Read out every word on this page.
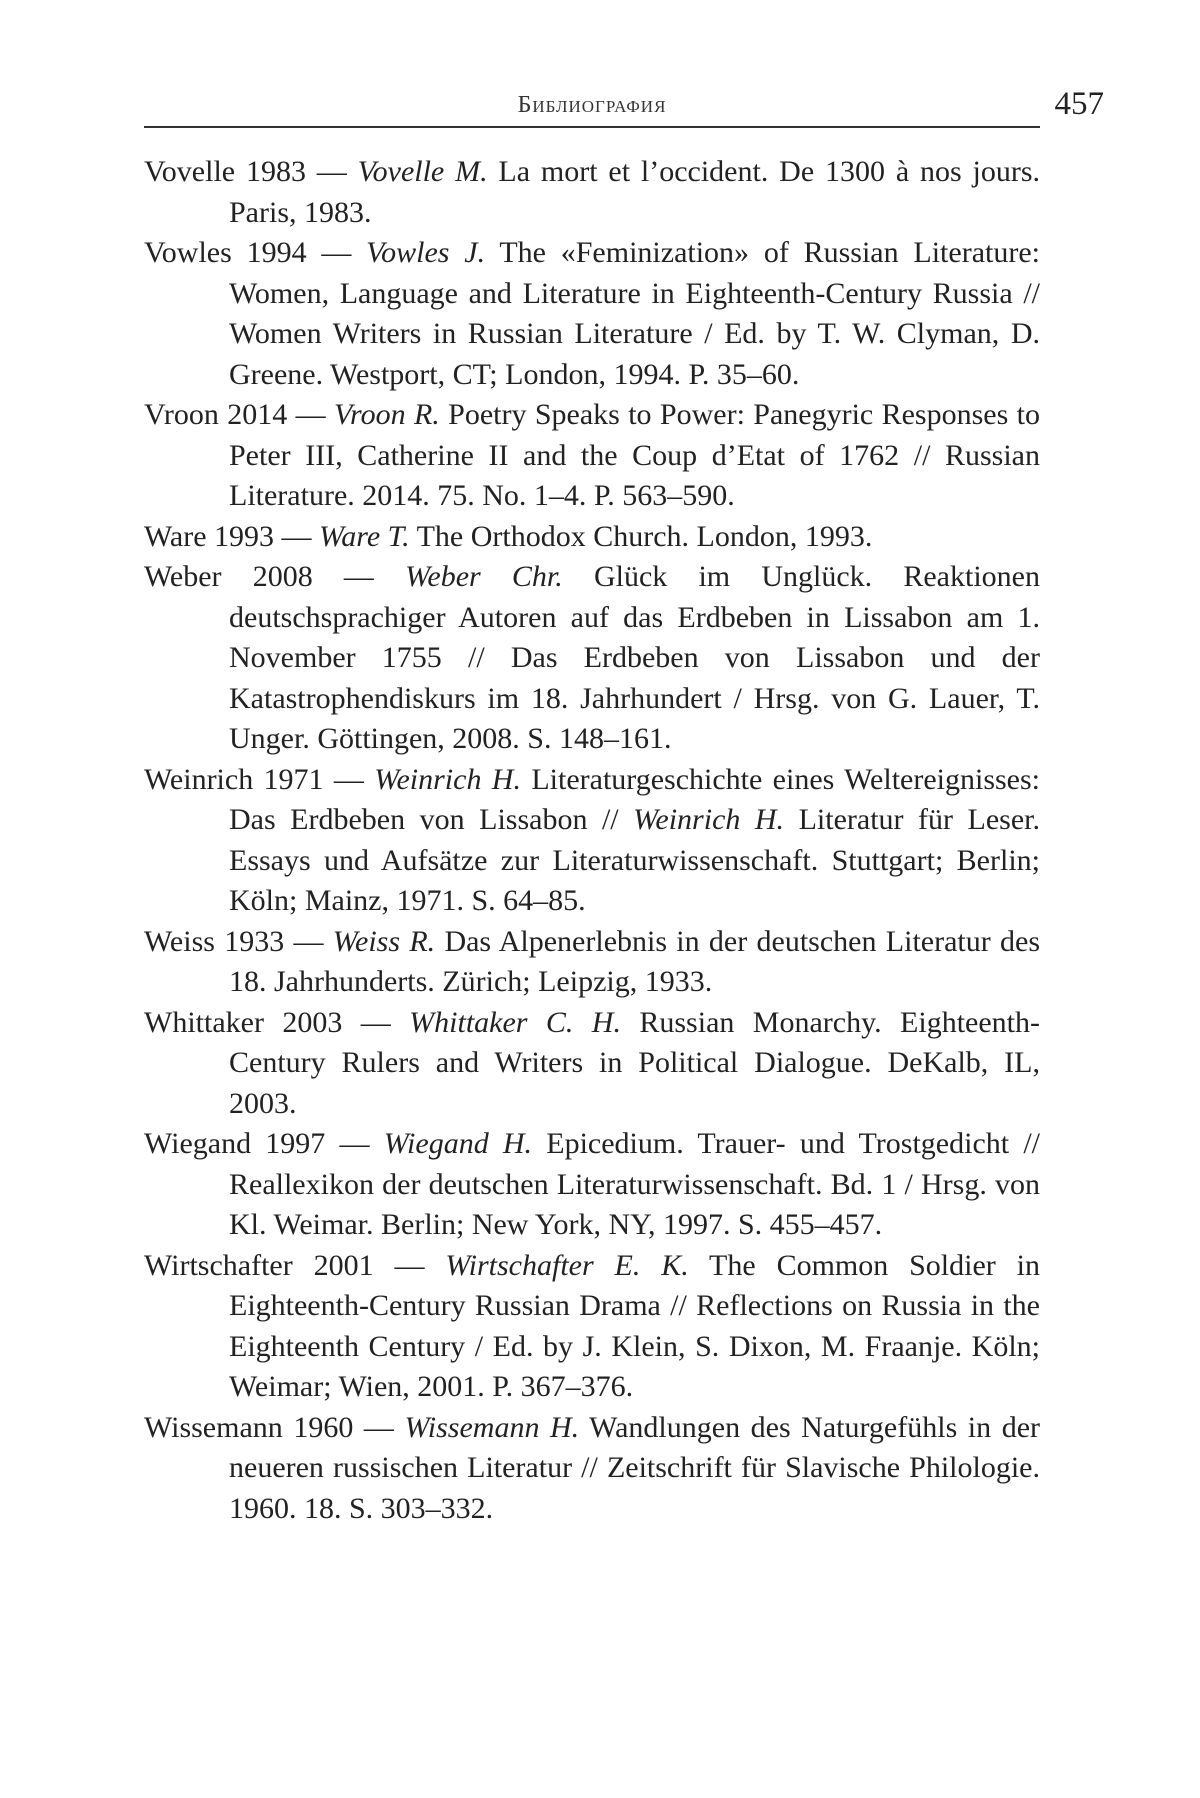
Библиография	457

Vovelle 1983 — Vovelle M. La mort et l’occident. De 1300 à nos jours. Paris, 1983.

Vowles 1994 — Vowles J. The «Feminization» of Russian Literature: Women, Language and Literature in Eighteenth-Century Russia // Women Writers in Russian Literature / Ed. by T. W. Clyman, D. Greene. Westport, CT; London, 1994. P. 35–60.

Vroon 2014 — Vroon R. Poetry Speaks to Power: Panegyric Responses to Peter III, Catherine II and the Coup d’Etat of 1762 // Russian Literature. 2014. 75. No. 1–4. P. 563–590.

Ware 1993 — Ware T. The Orthodox Church. London, 1993.

Weber 2008 — Weber Chr. Glück im Unglück. Reaktionen deutschsprachiger Autoren auf das Erdbeben in Lissabon am 1. November 1755 // Das Erdbeben von Lissabon und der Katastrophendiskurs im 18. Jahrhundert / Hrsg. von G. Lauer, T. Unger. Göttingen, 2008. S. 148–161.

Weinrich 1971 — Weinrich H. Literaturgeschichte eines Weltereignisses: Das Erdbeben von Lissabon // Weinrich H. Literatur für Leser. Essays und Aufsätze zur Literaturwissenschaft. Stuttgart; Berlin; Köln; Mainz, 1971. S. 64–85.

Weiss 1933 — Weiss R. Das Alpenerlebnis in der deutschen Literatur des 18. Jahrhunderts. Zürich; Leipzig, 1933.

Whittaker 2003 — Whittaker C. H. Russian Monarchy. Eighteenth-Century Rulers and Writers in Political Dialogue. DeKalb, IL, 2003.

Wiegand 1997 — Wiegand H. Epicedium. Trauer- und Trostgedicht // Reallexikon der deutschen Literaturwissenschaft. Bd. 1 / Hrsg. von Kl. Weimar. Berlin; New York, NY, 1997. S. 455–457.

Wirtschafter 2001 — Wirtschafter E. K. The Common Soldier in Eighteenth-Century Russian Drama // Reflections on Russia in the Eighteenth Century / Ed. by J. Klein, S. Dixon, M. Fraanje. Köln; Weimar; Wien, 2001. P. 367–376.

Wissemann 1960 — Wissemann H. Wandlungen des Naturgefühls in der neueren russischen Literatur // Zeitschrift für Slavische Philologie. 1960. 18. S. 303–332.
